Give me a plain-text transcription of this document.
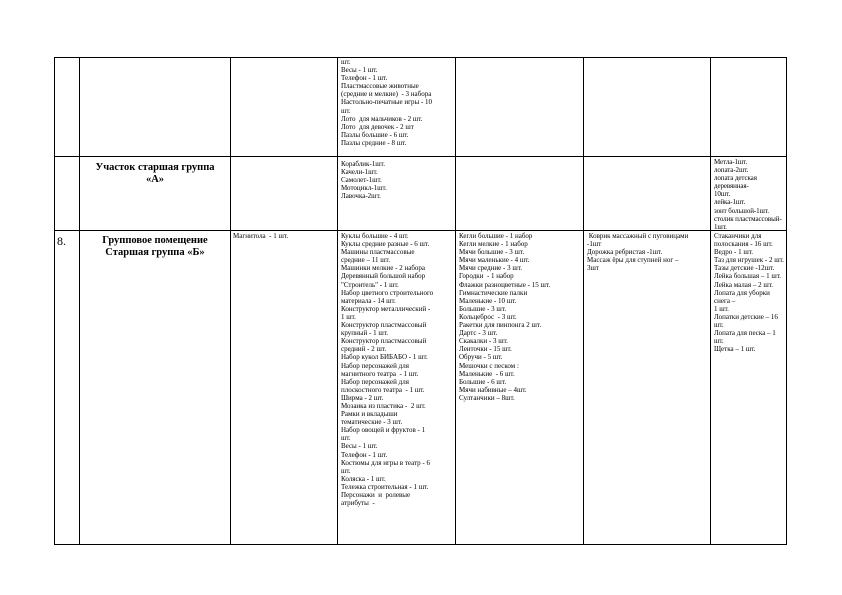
шт.
Весы - 1 шт.
Телефон - 1 шт.
Пластмассовые животные
(средние и мелкие)  - 3 набора
Настольно-печатные игры - 10
шт.
Лото  для мальчиков - 2 шт.
Лото  для девочек - 2 шт
Пазлы большие - 6 шт.
Пазлы средние - 8 шт.
Участок старшая группа
«А»
Кораблик-1шт.
Качели-1шт.
Самолет-1шт.
Мотоцикл-1шт.
Лавочка-2шт.
Метла-1шт.
лопата-2шт.
лопата детская деревянная-
10шт.
лейка-1шт.
зонт большой-1шт.
столик пластмассовый-
1шт.
8.	Групповое помещение
Старшая группа «Б»
Магнитола  - 1 шт.	Куклы большие - 4 шт.
Куклы средние разные - 6 шт.
Машины пластмассовые
средние – 11 шт.
Машинки мелкие - 2 набора
Деревянный большой набор
"Строитель" - 1 шт.
Набор цветного строительного
материала - 14 шт.
Конструктор металлический -
1 шт.
Конструктор пластмассовый
крупный - 1 шт.
Конструктор пластмассовый
средний - 2 шт.
Набор кукол БИБАБО - 1 шт.
Набор персонажей для
магнитного театра  - 1 шт.
Набор персонажей для
плоскостного театра  - 1 шт.
Ширма - 2 шт.
Мозаика из пластика -  2 шт.
Рамки и вкладыши
тематические - 3 шт.
Набор овощей и фруктов - 1
шт.
Весы - 1 шт.
Телефон - 1 шт.
Костюмы для игры в театр - 6
шт.
Коляска - 1 шт.
Тележка строительная - 1 шт.
Персонажи  и  ролевые
атрибуты  -
Кегли большие - 1 набор
Кегли мелкие - 1 набор
Мячи большие - 3 шт.
Мячи маленькие - 4 шт.
Мячи средние - 3 шт.
Городки  - 1 набор
Флажки разноцветные - 15 шт.
Гимнастические палки
Маленькие - 10 шт.
Большие - 3 шт.
Кольцеброс  - 3 шт.
Ракетки для пинпонга 2 шт.
Дартс - 3 шт.
Скакалки - 3 шт.
Ленточки - 15 шт.
Обручи - 5 шт.
Мешочки с песком :
Маленькие  - 6 шт.
Большие - 6 шт.
Мячи набивные – 4шт.
Султанчики – 8шт.
Коврик массажный с пуговицами
-1шт
Дорожка ребристая -1шт.
Массаж ёры для ступней ног –
3шт
Стаканчики для
полоскания - 16 шт.
Ведро - 1 шт.
Таз для игрушек - 2 шт.
Тазы детские -12шт.
Лейка большая – 1 шт.
Лейка малая – 2 шт.
Лопата для уборки снега –
1 шт.
Лопатки детские – 16 шт.
Лопата для песка – 1 шт.
Щетка – 1 шт.
